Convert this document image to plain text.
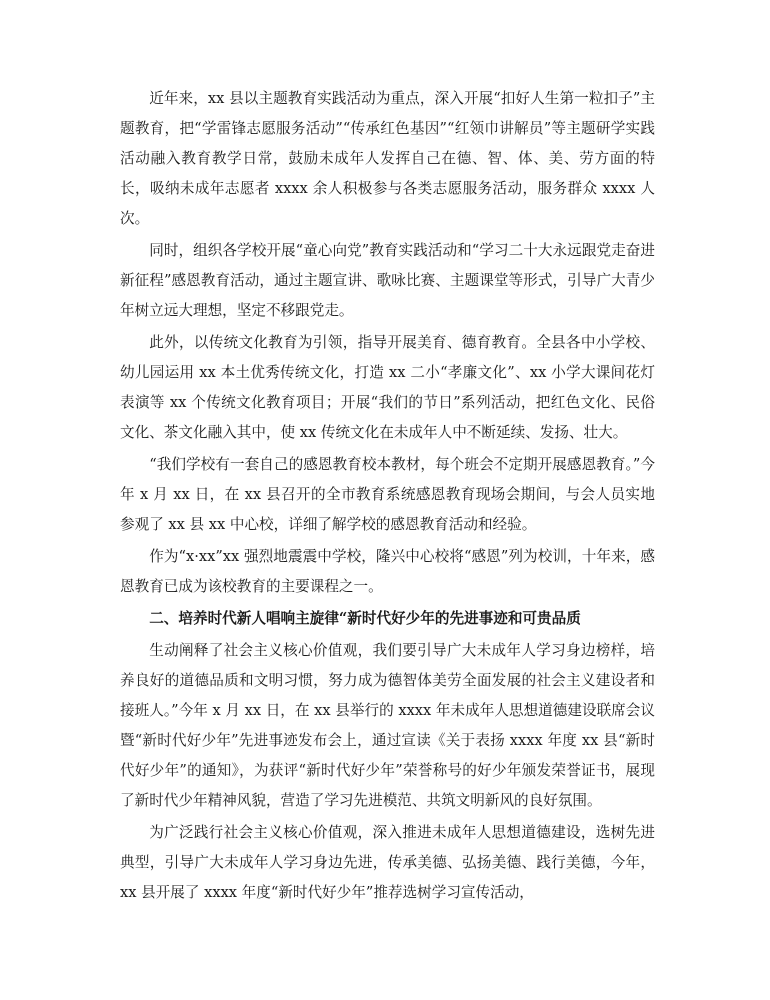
近年来，xx 县以主题教育实践活动为重点，深入开展“扣好人生第一粒扣子”主题教育，把“学雷锋志愿服务活动”“传承红色基因”“红领巾讲解员”等主题研学实践活动融入教育教学日常，鼓励未成年人发挥自己在德、智、体、美、劳方面的特长，吸纳未成年志愿者 xxxx 余人积极参与各类志愿服务活动，服务群众 xxxx 人次。

同时，组织各学校开展“童心向党”教育实践活动和“学习二十大永远跟党走奋进新征程”感恩教育活动，通过主题宣讲、歌咏比赛、主题课堂等形式，引导广大青少年树立远大理想，坚定不移跟党走。

此外，以传统文化教育为引领，指导开展美育、德育教育。全县各中小学校、幼儿园运用 xx 本土优秀传统文化，打造 xx 二小“孝廉文化”、xx 小学大课间花灯表演等 xx 个传统文化教育项目；开展“我们的节日”系列活动，把红色文化、民俗文化、茶文化融入其中，使 xx 传统文化在未成年人中不断延续、发扬、壮大。

“我们学校有一套自己的感恩教育校本教材，每个班会不定期开展感恩教育。”今年 x 月 xx 日，在 xx 县召开的全市教育系统感恩教育现场会期间，与会人员实地参观了 xx 县 xx 中心校，详细了解学校的感恩教育活动和经验。

作为“x·xx”xx 强烈地震震中学校，隆兴中心校将“感恩”列为校训，十年来，感恩教育已成为该校教育的主要课程之一。

二、培养时代新人唱响主旋律“新时代好少年的先进事迹和可贵品质

生动阐释了社会主义核心价值观，我们要引导广大未成年人学习身边榜样，培养良好的道德品质和文明习惯，努力成为德智体美劳全面发展的社会主义建设者和接班人。”今年 x 月 xx 日，在 xx 县举行的 xxxx 年未成年人思想道德建设联席会议暨“新时代好少年”先进事迹发布会上，通过宣读《关于表扬 xxxx 年度 xx 县“新时代好少年”的通知》，为获评“新时代好少年”荣誉称号的好少年颁发荣誉证书，展现了新时代少年精神风貌，营造了学习先进模范、共筑文明新风的良好氛围。

为广泛践行社会主义核心价值观，深入推进未成年人思想道德建设，选树先进典型，引导广大未成年人学习身边先进，传承美德、弘扬美德、践行美德，今年，xx 县开展了 xxxx 年度“新时代好少年”推荐选树学习宣传活动，
